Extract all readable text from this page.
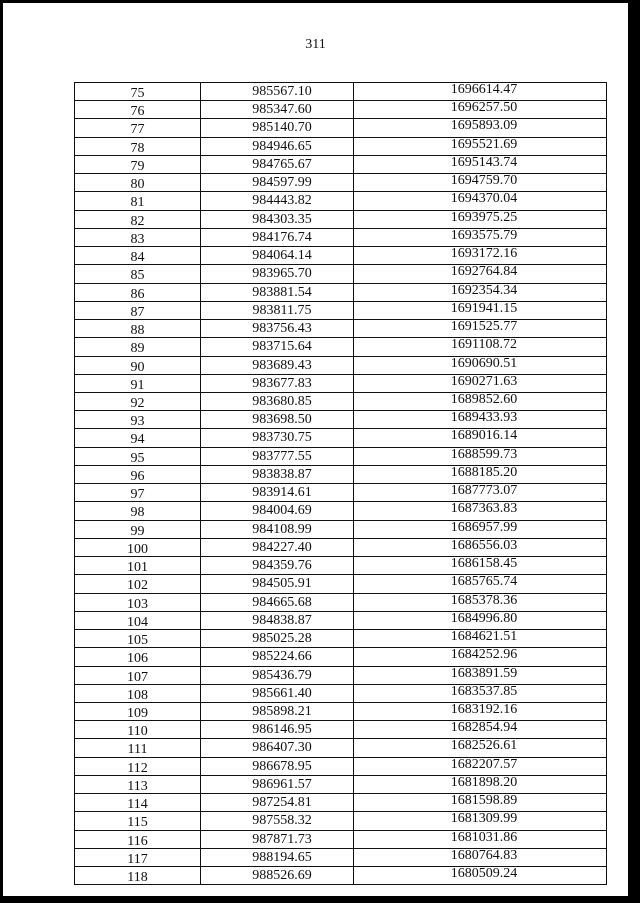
311
75	985567.10	1696614.47
76	985347.60	1696257.50
77	985140.70	1695893.09
78	984946.65	1695521.69
79	984765.67	1695143.74
80	984597.99	1694759.70
81	984443.82	1694370.04
82	984303.35	1693975.25
83	984176.74	1693575.79
84	984064.14	1693172.16
85	983965.70	1692764.84
86	983881.54	1692354.34
87	983811.75	1691941.15
88	983756.43	1691525.77
89	983715.64	1691108.72
90	983689.43	1690690.51
91	983677.83	1690271.63
92	983680.85	1689852.60
93	983698.50	1689433.93
94	983730.75	1689016.14
95	983777.55	1688599.73
96	983838.87	1688185.20
97	983914.61	1687773.07
98	984004.69	1687363.83
99	984108.99	1686957.99
100	984227.40	1686556.03
101	984359.76	1686158.45
102	984505.91	1685765.74
103	984665.68	1685378.36
104	984838.87	1684996.80
105	985025.28	1684621.51
106	985224.66	1684252.96
107	985436.79	1683891.59
108	985661.40	1683537.85
109	985898.21	1683192.16
110	986146.95	1682854.94
111	986407.30	1682526.61
112	986678.95	1682207.57
113	986961.57	1681898.20
114	987254.81	1681598.89
115	987558.32	1681309.99
116	987871.73	1681031.86
117	988194.65	1680764.83
118	988526.69	1680509.24
